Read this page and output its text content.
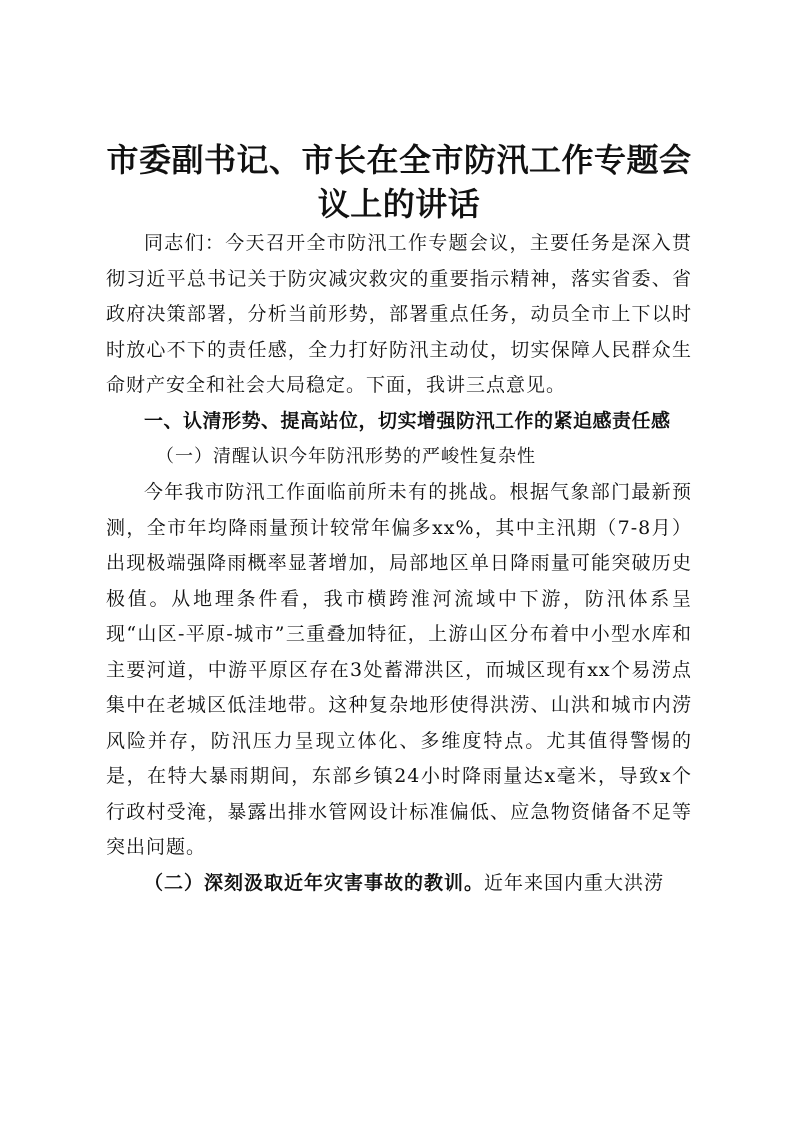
市委副书记、市长在全市防汛工作专题会议上的讲话

同志们：今天召开全市防汛工作专题会议，主要任务是深入贯彻习近平总书记关于防灾减灾救灾的重要指示精神，落实省委、省政府决策部署，分析当前形势，部署重点任务，动员全市上下以时时放心不下的责任感，全力打好防汛主动仗，切实保障人民群众生命财产安全和社会大局稳定。下面，我讲三点意见。

一、认清形势、提高站位，切实增强防汛工作的紧迫感责任感

（一）清醒认识今年防汛形势的严峻性复杂性

今年我市防汛工作面临前所未有的挑战。根据气象部门最新预测，全市年均降雨量预计较常年偏多xx%，其中主汛期（7-8月）出现极端强降雨概率显著增加，局部地区单日降雨量可能突破历史极值。从地理条件看，我市横跨淮河流域中下游，防汛体系呈现“山区-平原-城市”三重叠加特征，上游山区分布着中小型水库和主要河道，中游平原区存在3处蓄滞洪区，而城区现有xx个易涝点集中在老城区低洼地带。这种复杂地形使得洪涝、山洪和城市内涝风险并存，防汛压力呈现立体化、多维度特点。尤其值得警惕的是，在特大暴雨期间，东部乡镇24小时降雨量达x毫米，导致x个行政村受淹，暴露出排水管网设计标准偏低、应急物资储备不足等突出问题。

（二）深刻汲取近年灾害事故的教训。近年来国内重大洪涝
